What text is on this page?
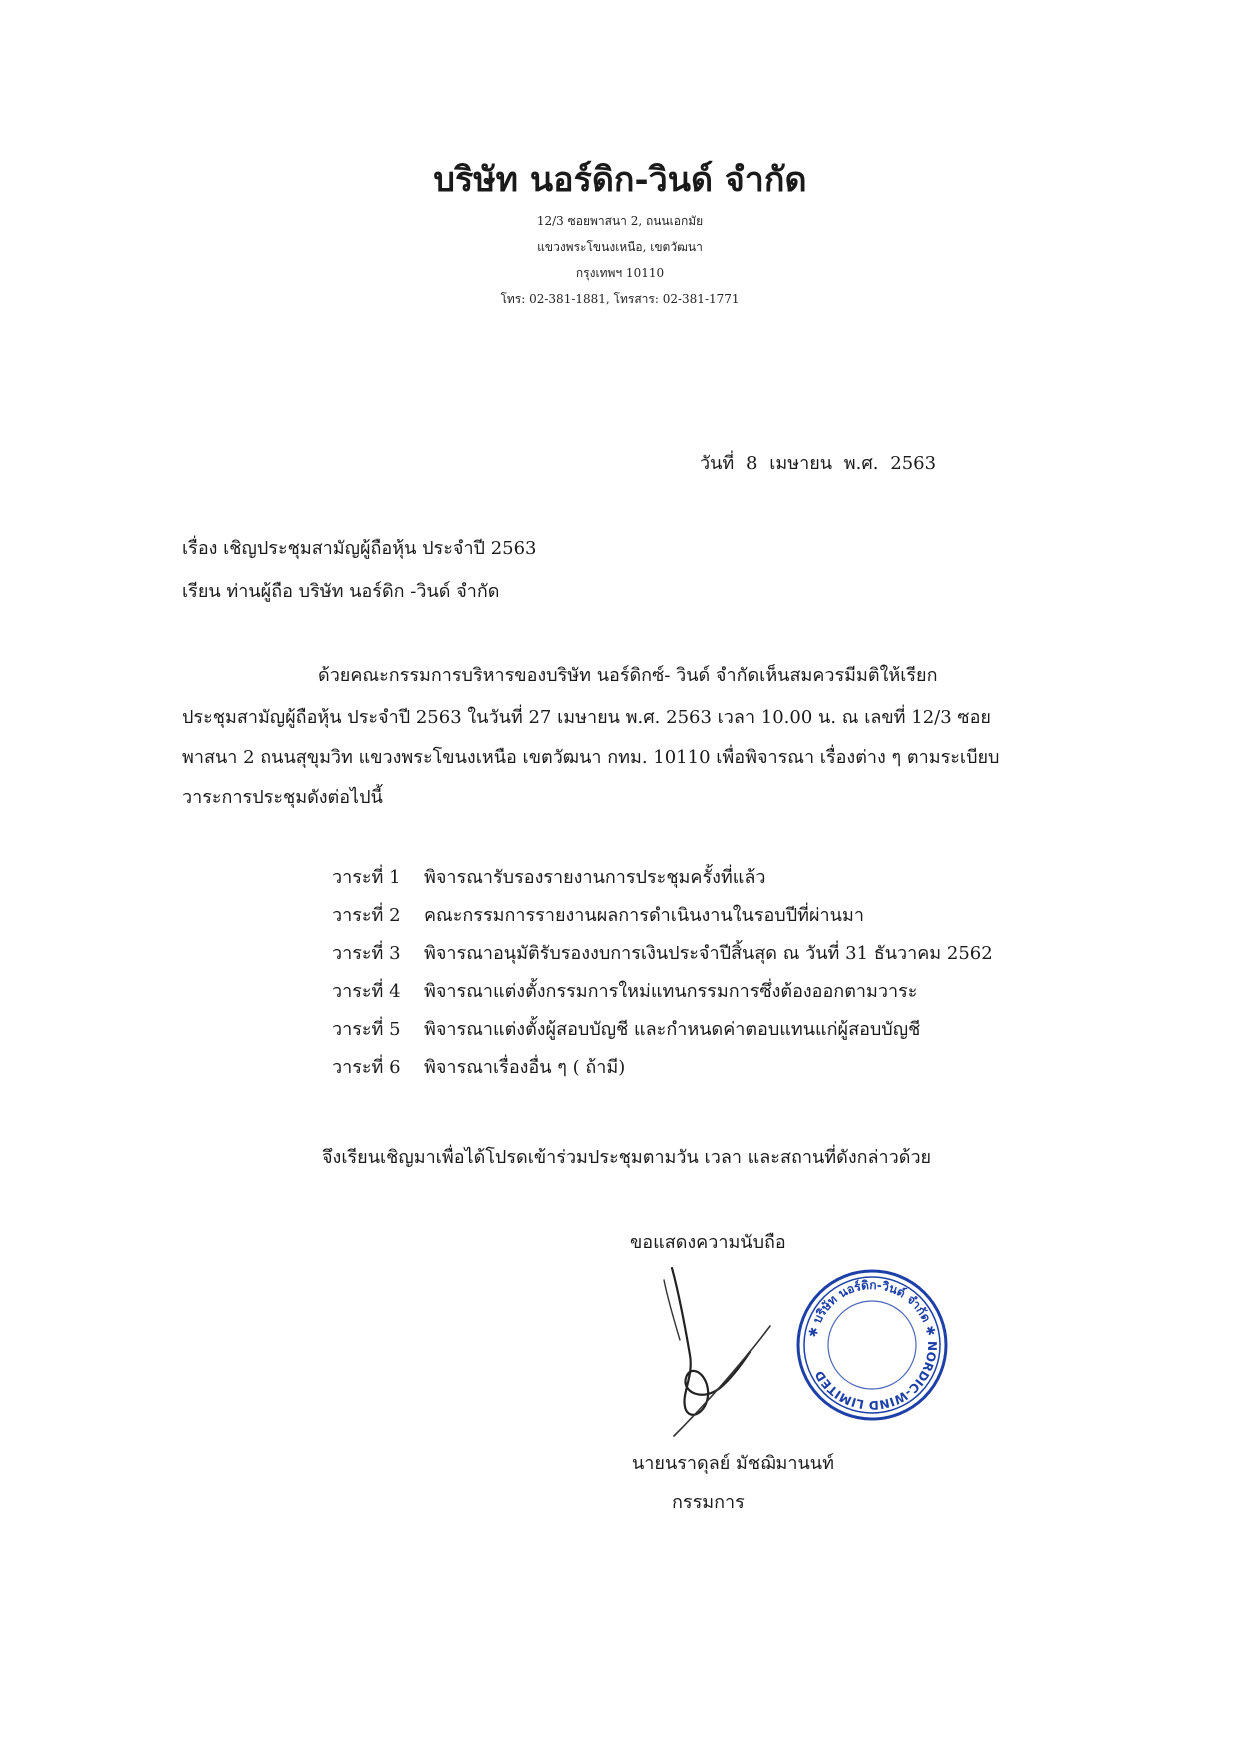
บริษัท นอร์ดิก-วินด์ จำกัด
12/3 ซอยพาสนา 2, ถนนเอกมัย
แขวงพระโขนงเหนือ, เขตวัฒนา
กรุงเทพฯ 10110
โทร: 02-381-1881, โทรสาร: 02-381-1771
วันที่ 8 เมษายน พ.ศ. 2563
เรื่อง เชิญประชุมสามัญผู้ถือหุ้น ประจำปี 2563
เรียน ท่านผู้ถือ บริษัท นอร์ดิก -วินด์ จำกัด
ด้วยคณะกรรมการบริหารของบริษัท นอร์ดิกซ์- วินด์ จำกัดเห็นสมควรมีมติให้เรียก
ประชุมสามัญผู้ถือหุ้น ประจำปี 2563 ในวันที่ 27 เมษายน พ.ศ. 2563 เวลา 10.00 น. ณ เลขที่ 12/3 ซอย
พาสนา 2 ถนนสุขุมวิท แขวงพระโขนงเหนือ เขตวัฒนา กทม. 10110 เพื่อพิจารณา เรื่องต่าง ๆ ตามระเบียบ
วาระการประชุมดังต่อไปนี้
วาระที่ 1 พิจารณารับรองรายงานการประชุมครั้งที่แล้ว
วาระที่ 2 คณะกรรมการรายงานผลการดำเนินงานในรอบปีที่ผ่านมา
วาระที่ 3 พิจารณาอนุมัติรับรองงบการเงินประจำปีสิ้นสุด ณ วันที่ 31 ธันวาคม 2562
วาระที่ 4 พิจารณาแต่งตั้งกรรมการใหม่แทนกรรมการซึ่งต้องออกตามวาระ
วาระที่ 5 พิจารณาแต่งตั้งผู้สอบบัญชี และกำหนดค่าตอบแทนแก่ผู้สอบบัญชี
วาระที่ 6 พิจารณาเรื่องอื่น ๆ ( ถ้ามี)
จึงเรียนเชิญมาเพื่อได้โปรดเข้าร่วมประชุมตามวัน เวลา และสถานที่ดังกล่าวด้วย
ขอแสดงความนับถือ
✱ บริษัท นอร์ดิก-วินด์ จำกัด ✱ NORDIC-WIND LIMITED
นายนราดุลย์ มัชฌิมานนท์
กรรมการ
